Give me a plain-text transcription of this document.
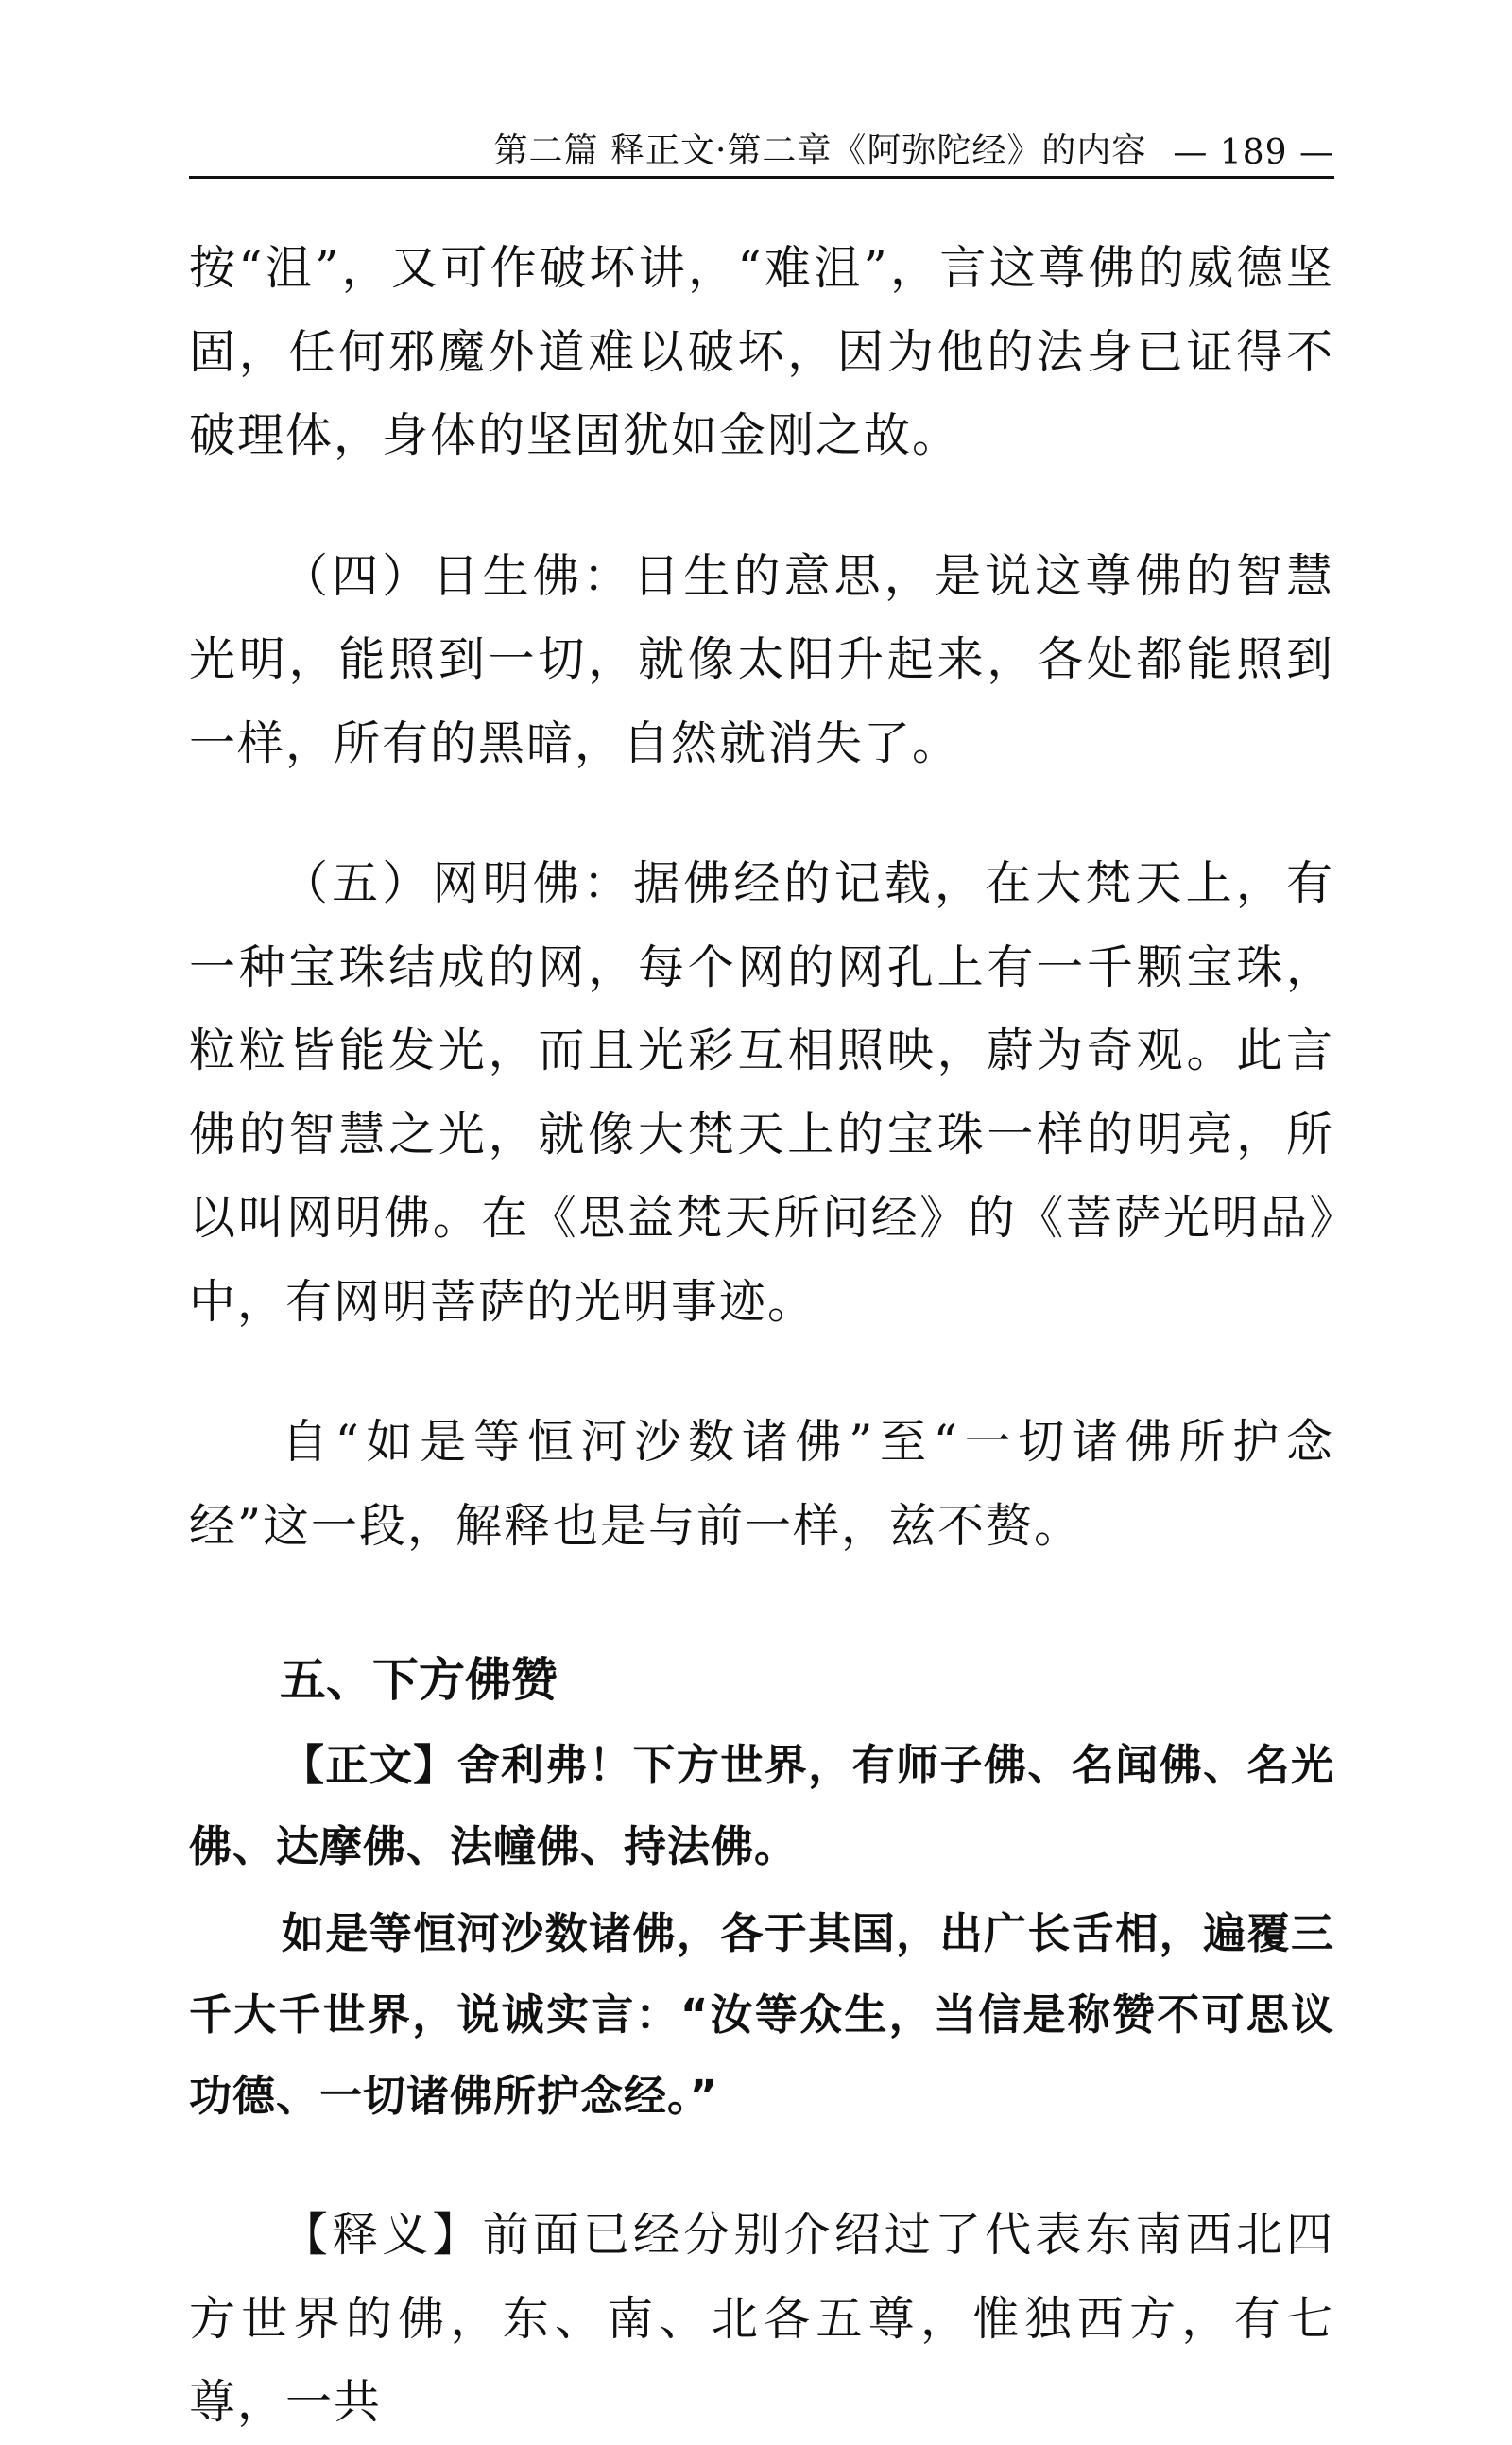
第二篇 释正文·第二章《阿弥陀经》的内容 — 189 —

按“沮”，又可作破坏讲，“难沮”，言这尊佛的威德坚固，任何邪魔外道难以破坏，因为他的法身已证得不破理体，身体的坚固犹如金刚之故。

（四）日生佛：日生的意思，是说这尊佛的智慧光明，能照到一切，就像太阳升起来，各处都能照到一样，所有的黑暗，自然就消失了。

（五）网明佛：据佛经的记载，在大梵天上，有一种宝珠结成的网，每个网的网孔上有一千颗宝珠，粒粒皆能发光，而且光彩互相照映，蔚为奇观。此言佛的智慧之光，就像大梵天上的宝珠一样的明亮，所以叫网明佛。在《思益梵天所问经》的《菩萨光明品》中，有网明菩萨的光明事迹。

自“如是等恒河沙数诸佛”至“一切诸佛所护念经”这一段，解释也是与前一样，兹不赘。

五、下方佛赞

【正文】舍利弗！下方世界，有师子佛、名闻佛、名光佛、达摩佛、法幢佛、持法佛。

如是等恒河沙数诸佛，各于其国，出广长舌相，遍覆三千大千世界，说诚实言：“汝等众生，当信是称赞不可思议功德、一切诸佛所护念经。”

【释义】前面已经分别介绍过了代表东南西北四方世界的佛，东、南、北各五尊，惟独西方，有七尊，一共
